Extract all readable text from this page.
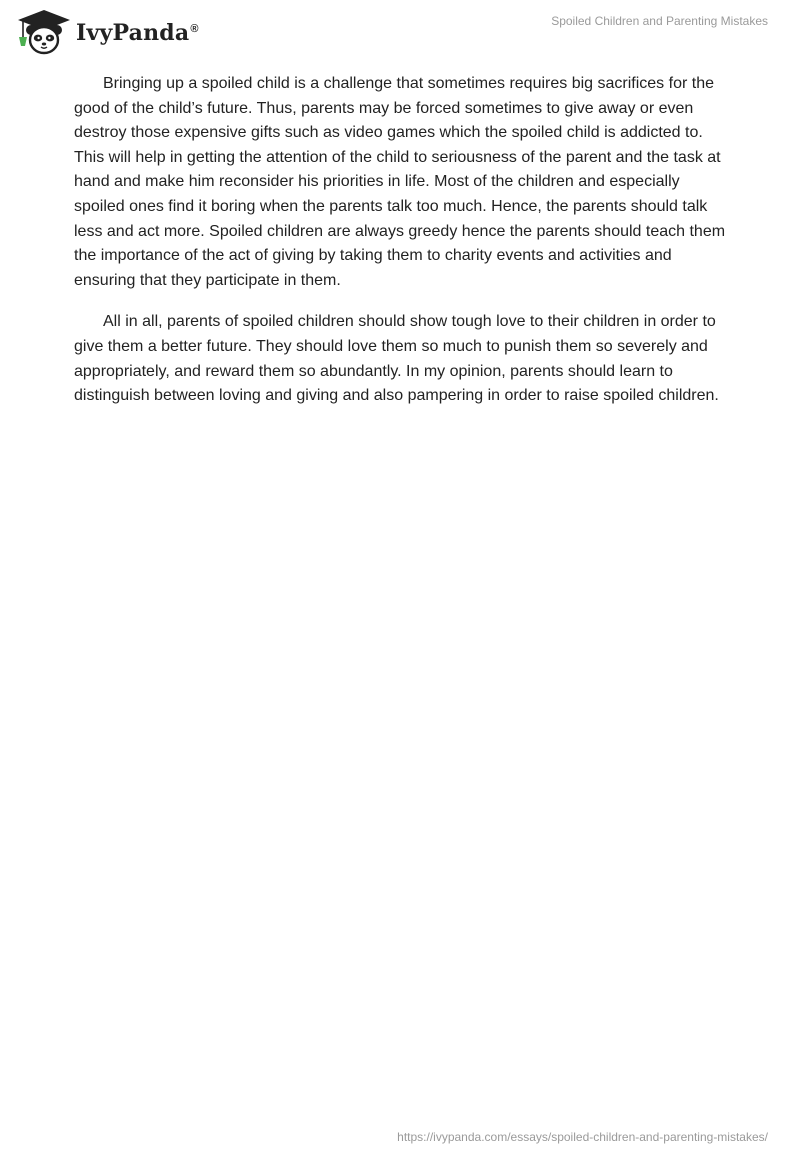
IvyPanda®
Spoiled Children and Parenting Mistakes

Bringing up a spoiled child is a challenge that sometimes requires big sacrifices for the good of the child’s future. Thus, parents may be forced sometimes to give away or even destroy those expensive gifts such as video games which the spoiled child is addicted to. This will help in getting the attention of the child to seriousness of the parent and the task at hand and make him reconsider his priorities in life. Most of the children and especially spoiled ones find it boring when the parents talk too much. Hence, the parents should talk less and act more. Spoiled children are always greedy hence the parents should teach them the importance of the act of giving by taking them to charity events and activities and ensuring that they participate in them.

All in all, parents of spoiled children should show tough love to their children in order to give them a better future. They should love them so much to punish them so severely and appropriately, and reward them so abundantly. In my opinion, parents should learn to distinguish between loving and giving and also pampering in order to raise spoiled children.

https://ivypanda.com/essays/spoiled-children-and-parenting-mistakes/
